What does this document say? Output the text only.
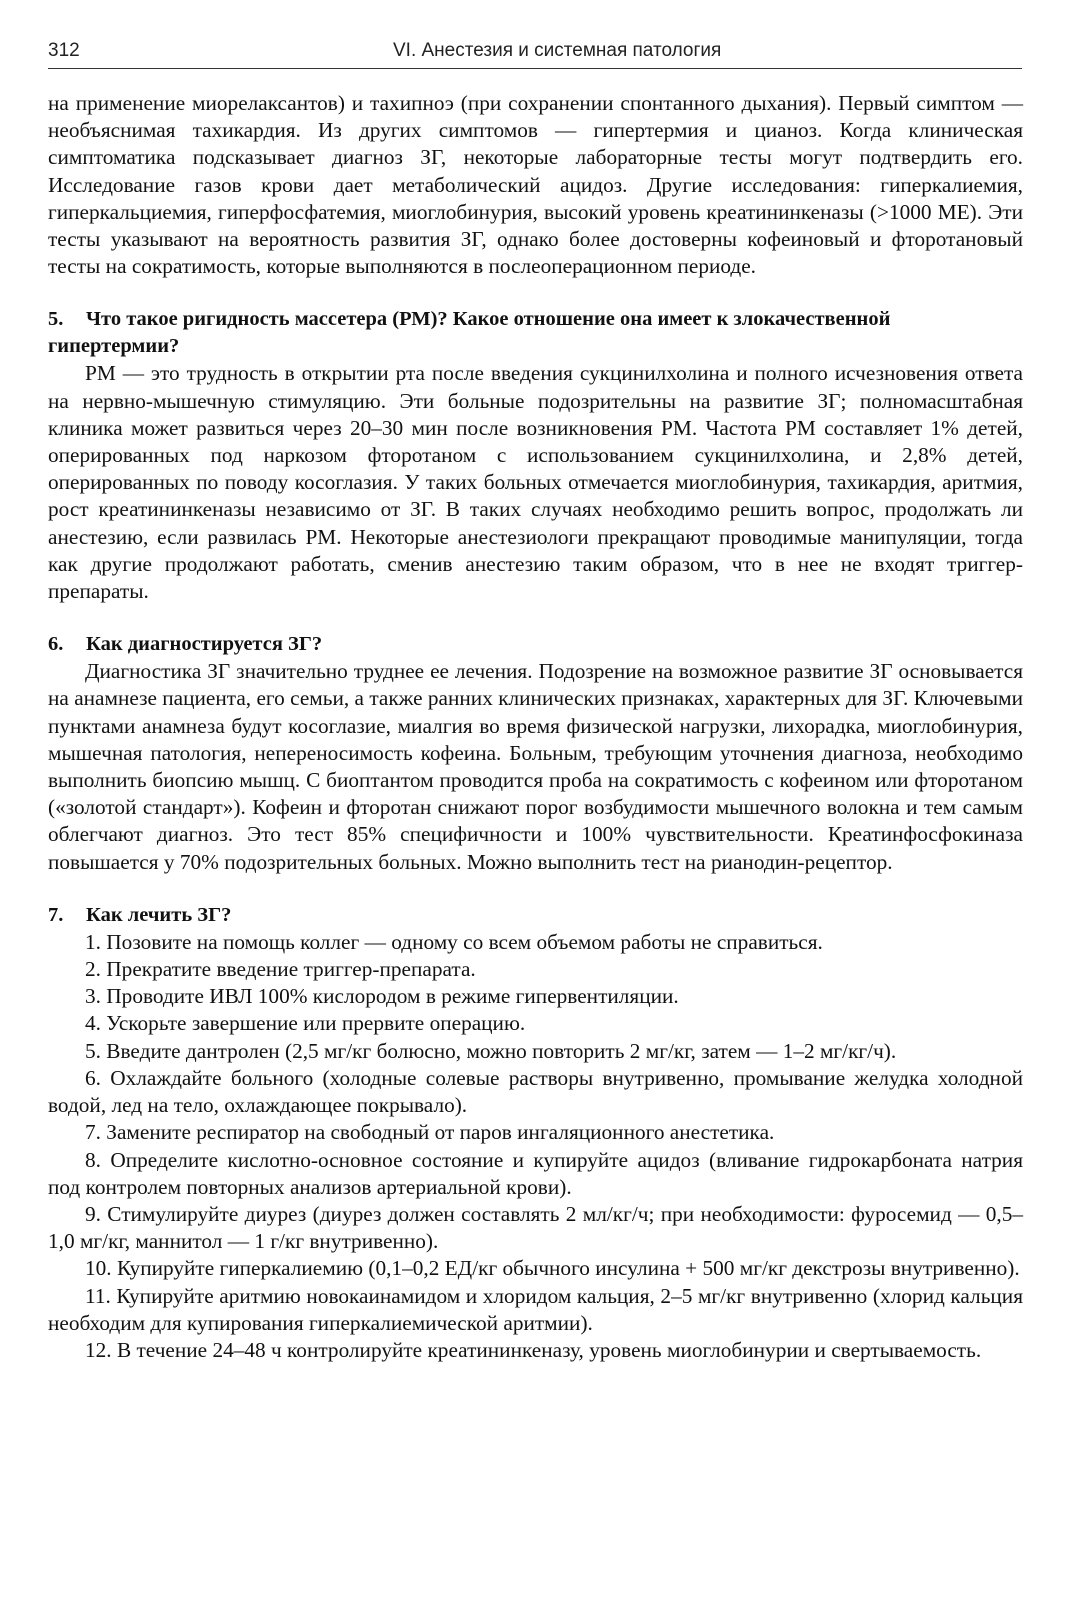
312	VI. Анестезия и системная патология

на применение миорелаксантов) и тахипноэ (при сохранении спонтанного дыхания). Первый симптом — необъяснимая тахикардия. Из других симптомов — гипертермия и цианоз. Когда клиническая симптоматика подсказывает диагноз ЗГ, некоторые лабораторные тесты могут подтвердить его. Исследование газов крови дает метаболический ацидоз. Другие исследования: гиперкалиемия, гиперкальциемия, гиперфосфатемия, миоглобинурия, высокий уровень креатининкеназы (>1000 МЕ). Эти тесты указывают на вероятность развития ЗГ, однако более достоверны кофеиновый и фторотановый тесты на сократимость, которые выполняются в послеоперационном периоде.

5. Что такое ригидность массетера (РМ)? Какое отношение она имеет к злокачественной гипертермии?

РМ — это трудность в открытии рта после введения сукцинилхолина и полного исчезновения ответа на нервно-мышечную стимуляцию. Эти больные подозрительны на развитие ЗГ; полномасштабная клиника может развиться через 20–30 мин после возникновения РМ. Частота РМ составляет 1% детей, оперированных под наркозом фторотаном с использованием сукцинилхолина, и 2,8% детей, оперированных по поводу косоглазия. У таких больных отмечается миоглобинурия, тахикардия, аритмия, рост креатининкеназы независимо от ЗГ. В таких случаях необходимо решить вопрос, продолжать ли анестезию, если развилась РМ. Некоторые анестезиологи прекращают проводимые манипуляции, тогда как другие продолжают работать, сменив анестезию таким образом, что в нее не входят триггер-препараты.

6. Как диагностируется ЗГ?

Диагностика ЗГ значительно труднее ее лечения. Подозрение на возможное развитие ЗГ основывается на анамнезе пациента, его семьи, а также ранних клинических признаках, характерных для ЗГ. Ключевыми пунктами анамнеза будут косоглазие, миалгия во время физической нагрузки, лихорадка, миоглобинурия, мышечная патология, непереносимость кофеина. Больным, требующим уточнения диагноза, необходимо выполнить биопсию мышц. С биоптантом проводится проба на сократимость с кофеином или фторотаном («золотой стандарт»). Кофеин и фторотан снижают порог возбудимости мышечного волокна и тем самым облегчают диагноз. Это тест 85% специфичности и 100% чувствительности. Креатинфосфокиназа повышается у 70% подозрительных больных. Можно выполнить тест на рианодин-рецептор.

7. Как лечить ЗГ?

1. Позовите на помощь коллег — одному со всем объемом работы не справиться.

2. Прекратите введение триггер-препарата.

3. Проводите ИВЛ 100% кислородом в режиме гипервентиляции.

4. Ускорьте завершение или прервите операцию.

5. Введите дантролен (2,5 мг/кг болюсно, можно повторить 2 мг/кг, затем — 1–2 мг/кг/ч).

6. Охлаждайте больного (холодные солевые растворы внутривенно, промывание желудка холодной водой, лед на тело, охлаждающее покрывало).

7. Замените респиратор на свободный от паров ингаляционного анестетика.

8. Определите кислотно-основное состояние и купируйте ацидоз (вливание гидрокарбоната натрия под контролем повторных анализов артериальной крови).

9. Стимулируйте диурез (диурез должен составлять 2 мл/кг/ч; при необходимости: фуросемид — 0,5–1,0 мг/кг, маннитол — 1 г/кг внутривенно).

10. Купируйте гиперкалиемию (0,1–0,2 ЕД/кг обычного инсулина + 500 мг/кг декстрозы внутривенно).

11. Купируйте аритмию новокаинамидом и хлоридом кальция, 2–5 мг/кг внутривенно (хлорид кальция необходим для купирования гиперкалиемической аритмии).

12. В течение 24–48 ч контролируйте креатининкеназу, уровень миоглобинурии и свертываемость.
